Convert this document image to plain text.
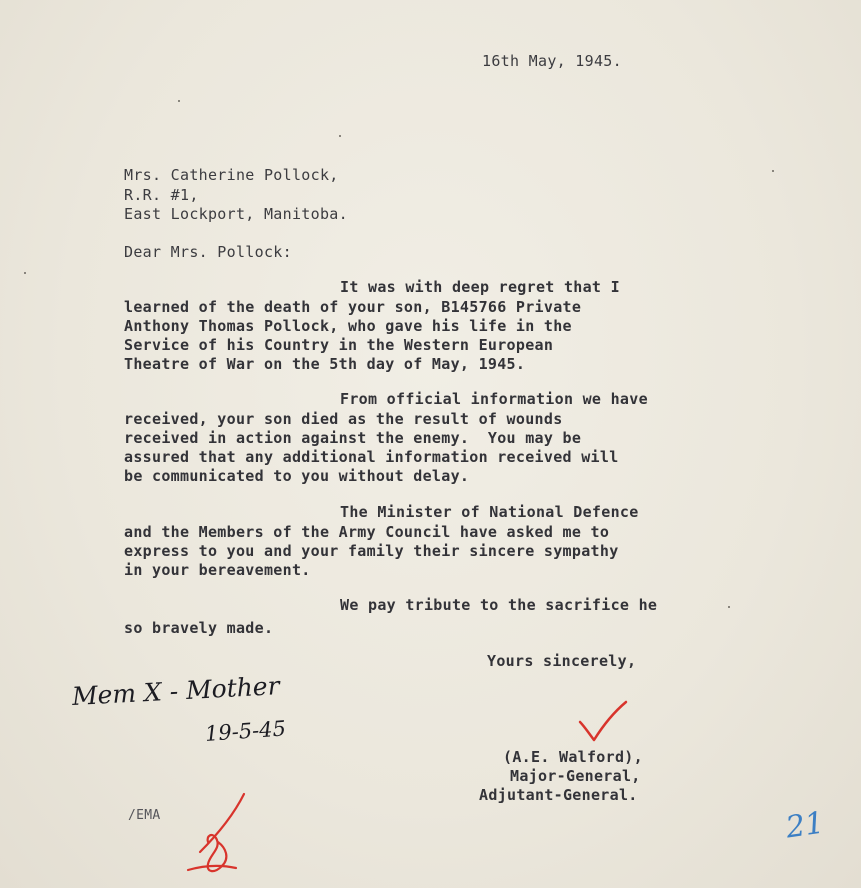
16th May, 1945.

Mrs. Catherine Pollock,

R.R. #1,

East Lockport, Manitoba.

Dear Mrs. Pollock:

It was with deep regret that I

learned of the death of your son, B145766 Private

Anthony Thomas Pollock, who gave his life in the

Service of his Country in the Western European

Theatre of War on the 5th day of May, 1945.

From official information we have

received, your son died as the result of wounds

received in action against the enemy.  You may be

assured that any additional information received will

be communicated to you without delay.

The Minister of National Defence

and the Members of the Army Council have asked me to

express to you and your family their sincere sympathy

in your bereavement.

We pay tribute to the sacrifice he

so bravely made.

Yours sincerely,

Mem X - Mother

19-5-45

(A.E. Walford),

Major-General,

Adjutant-General.

/EMA	21
